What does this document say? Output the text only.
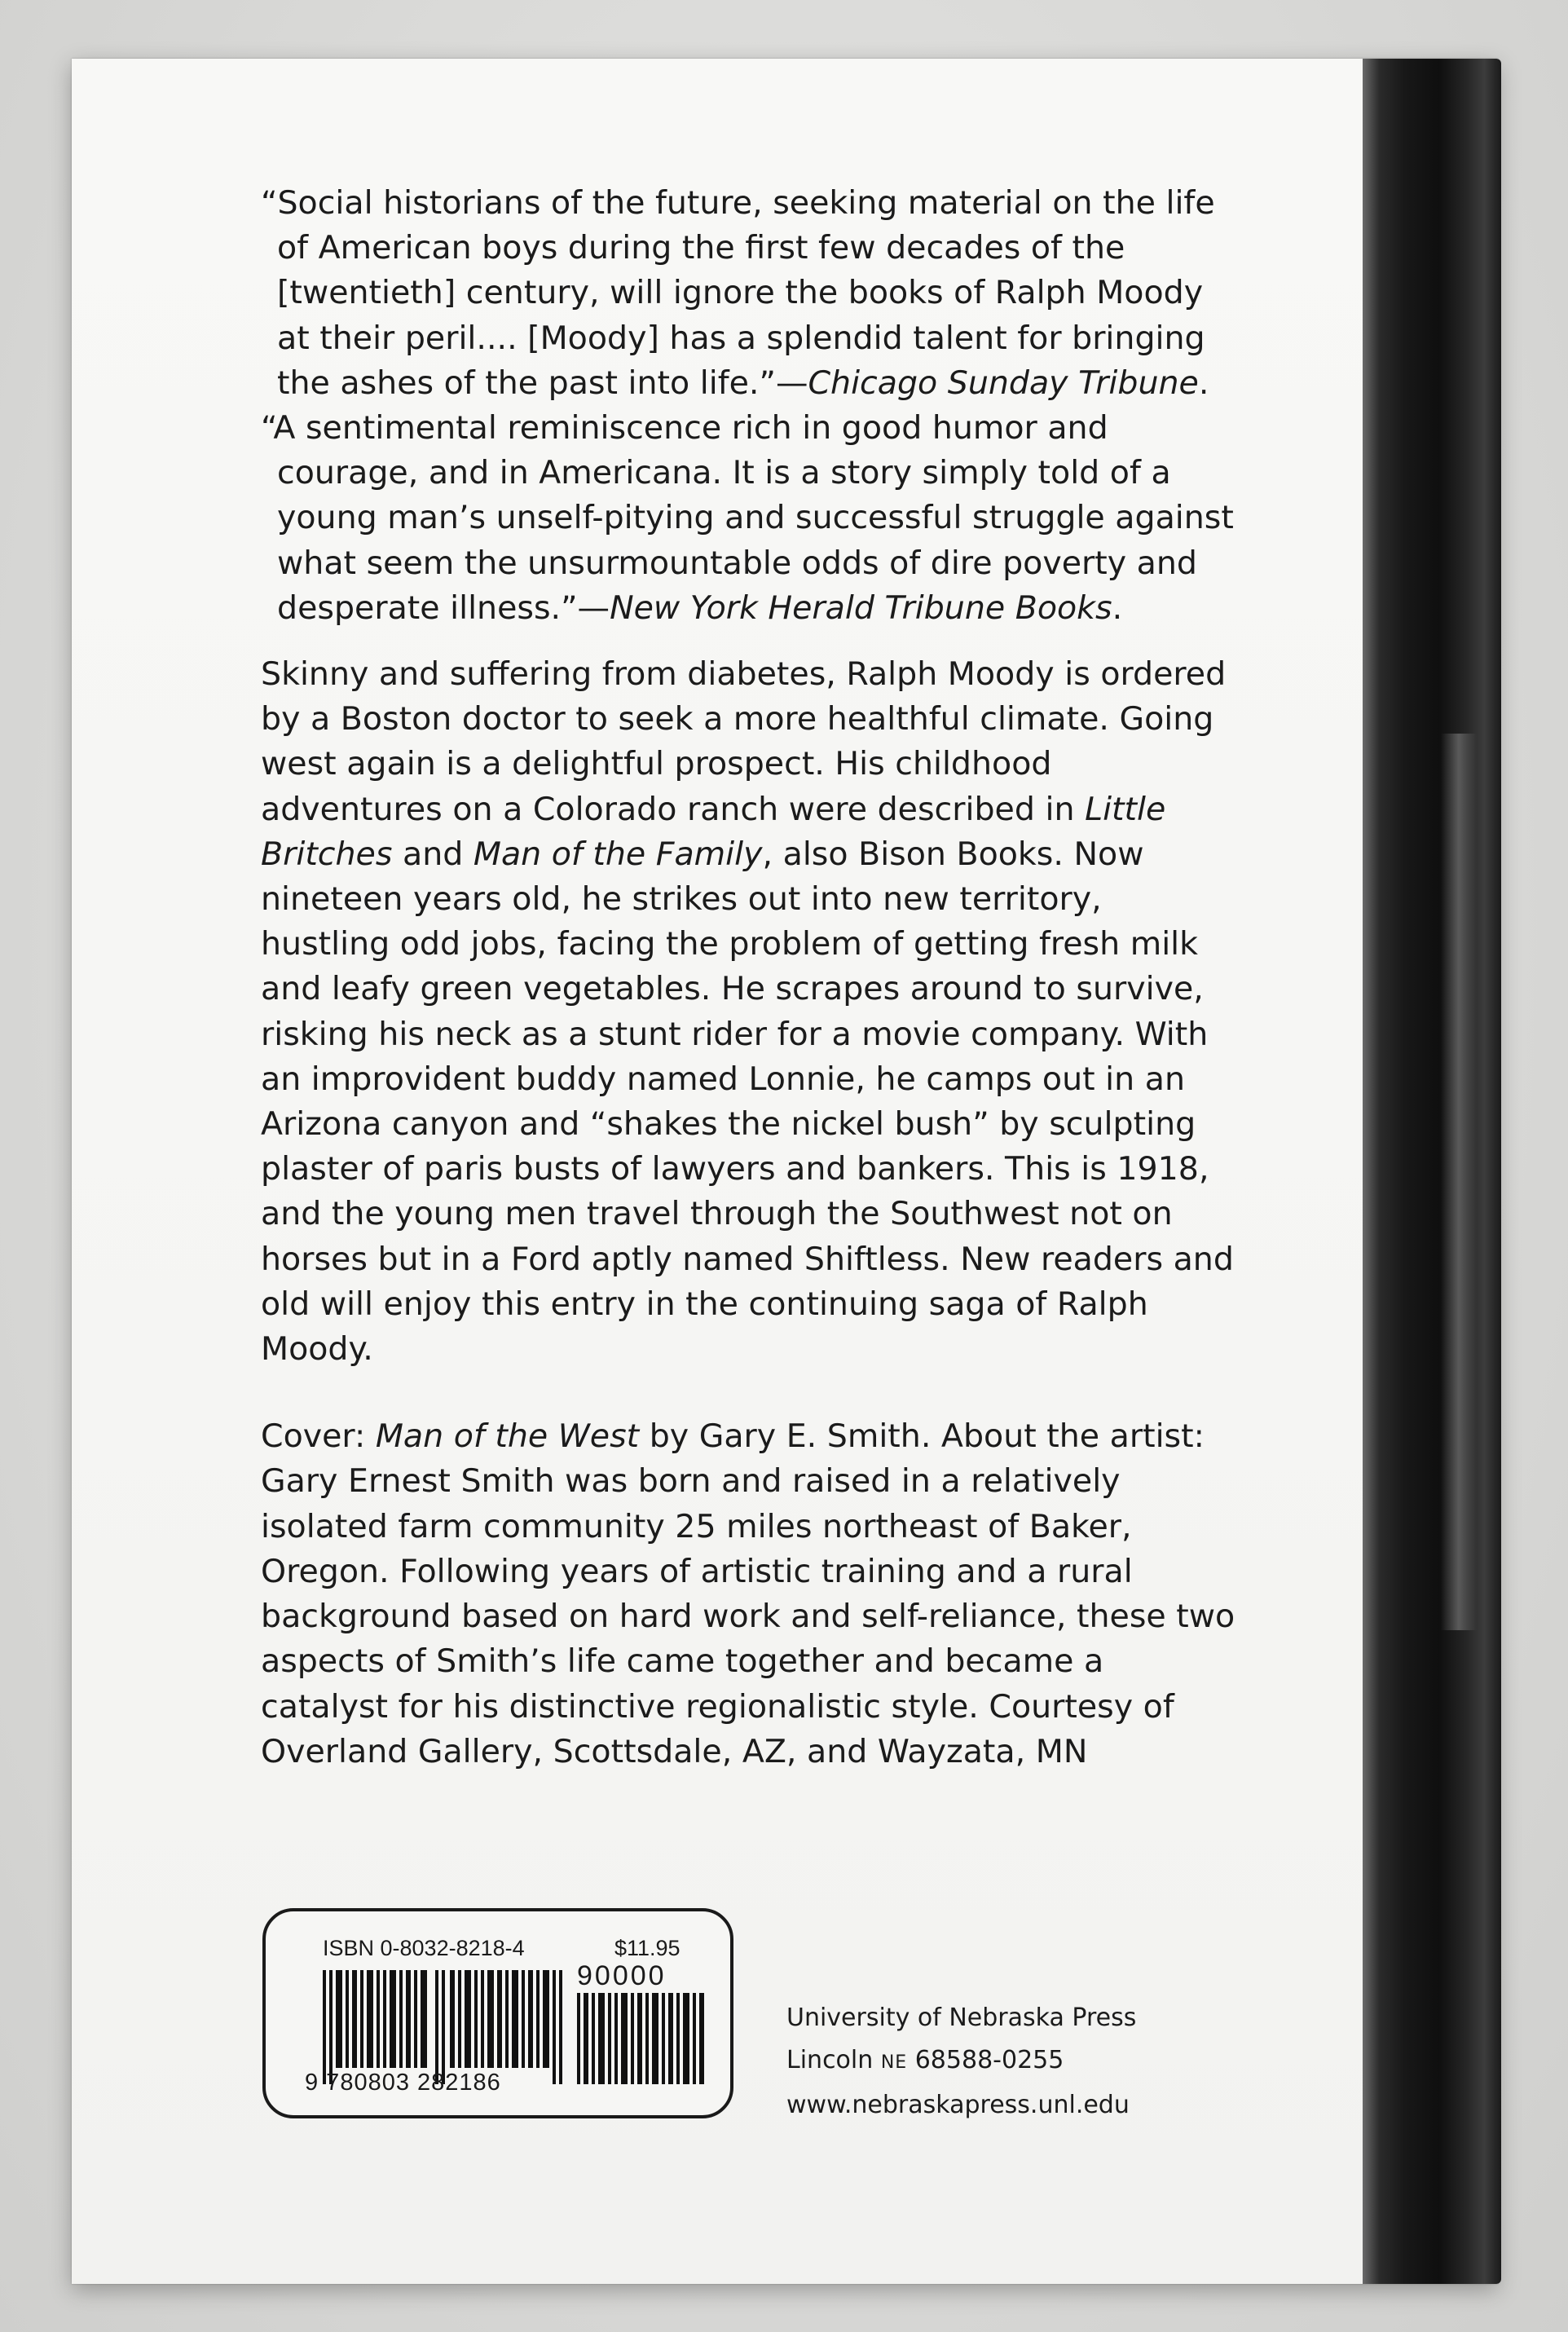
“Social historians of the future, seeking material on the life of American boys during the first few decades of the [twentieth] century, will ignore the books of Ralph Moody at their peril.... [Moody] has a splendid talent for bringing the ashes of the past into life.”—Chicago Sunday Tribune.

“A sentimental reminiscence rich in good humor and courage, and in Americana. It is a story simply told of a young man’s unself-pitying and successful struggle against what seem the unsurmountable odds of dire poverty and desperate illness.”—New York Herald Tribune Books.

Skinny and suffering from diabetes, Ralph Moody is ordered by a Boston doctor to seek a more healthful climate. Going west again is a delightful prospect. His childhood adventures on a Colorado ranch were described in Little Britches and Man of the Family, also Bison Books. Now nineteen years old, he strikes out into new territory, hustling odd jobs, facing the problem of getting fresh milk and leafy green vegetables. He scrapes around to survive, risking his neck as a stunt rider for a movie company. With an improvident buddy named Lonnie, he camps out in an Arizona canyon and “shakes the nickel bush” by sculpting plaster of paris busts of lawyers and bankers. This is 1918, and the young men travel through the Southwest not on horses but in a Ford aptly named Shiftless. New readers and old will enjoy this entry in the continuing saga of Ralph Moody.

Cover: Man of the West by Gary E. Smith. About the artist: Gary Ernest Smith was born and raised in a relatively isolated farm community 25 miles northeast of Baker, Oregon. Following years of artistic training and a rural background based on hard work and self-reliance, these two aspects of Smith’s life came together and became a catalyst for his distinctive regionalistic style. Courtesy of Overland Gallery, Scottsdale, AZ, and Wayzata, MN

ISBN 0-8032-8218-4	$11.95
90000
9 780803 282186
University of Nebraska Press
Lincoln NE 68588-0255
www.nebraskapress.unl.edu
